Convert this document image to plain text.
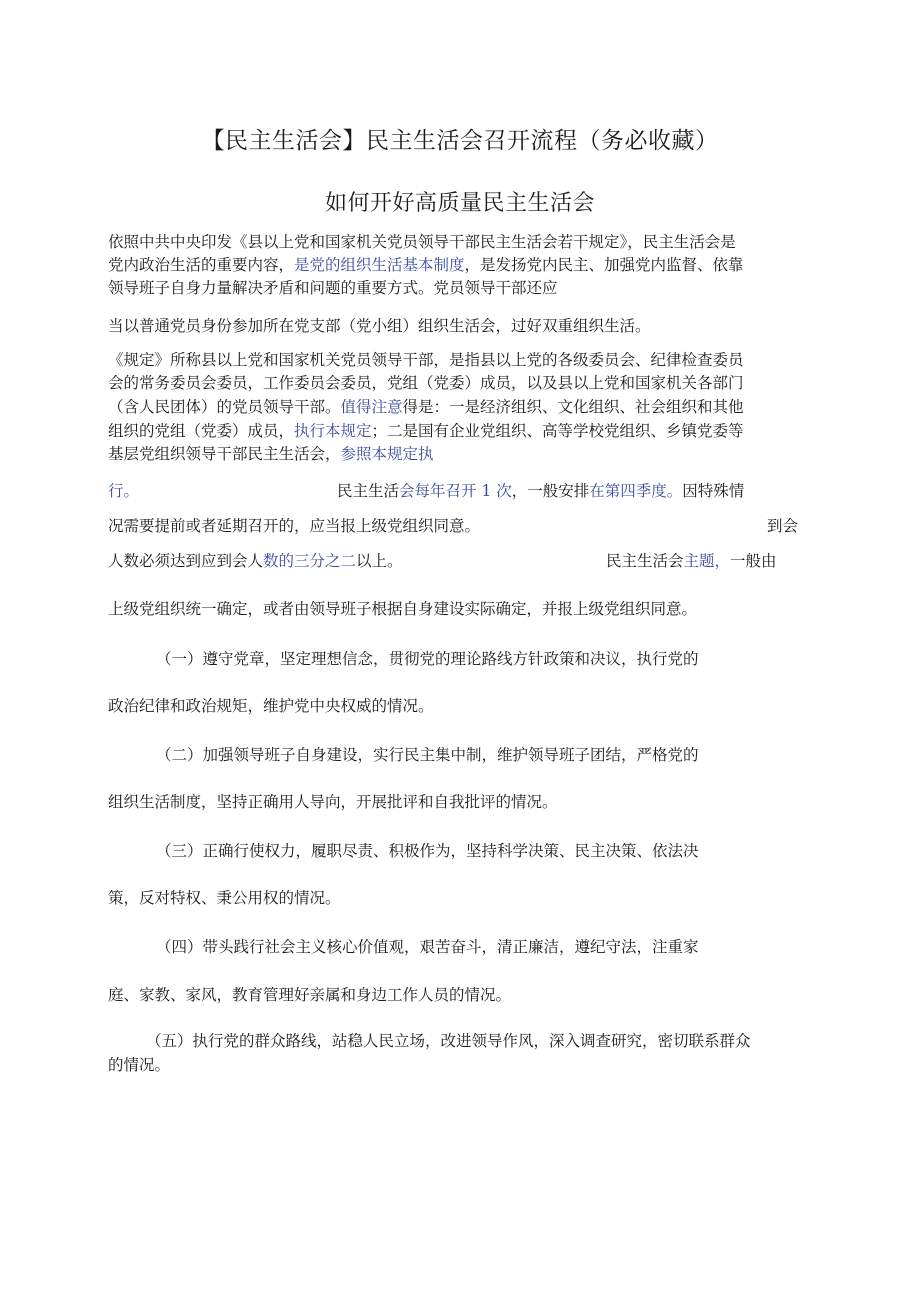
【民主生活会】民主生活会召开流程（务必收藏）
如何开好高质量民主生活会
依照中共中央印发《县以上党和国家机关党员领导干部民主生活会若干规定》，民主生活会是
党内政治生活的重要内容，是党的组织生活基本制度，是发扬党内民主、加强党内监督、依靠
领导班子自身力量解决矛盾和问题的重要方式。党员领导干部还应
当以普通党员身份参加所在党支部（党小组）组织生活会，过好双重组织生活。
《规定》所称县以上党和国家机关党员领导干部，是指县以上党的各级委员会、纪律检查委员
会的常务委员会委员，工作委员会委员，党组（党委）成员，以及县以上党和国家机关各部门
（含人民团体）的党员领导干部。值得注意得是：一是经济组织、文化组织、社会组织和其他
组织的党组（党委）成员，执行本规定；二是国有企业党组织、高等学校党组织、乡镇党委等
基层党组织领导干部民主生活会，参照本规定执
行。	民主生活会每年召开 1 次，一般安排在第四季度。因特殊情
况需要提前或者延期召开的，应当报上级党组织同意。	到会
人数必须达到应到会人数的三分之二以上。	民主生活会主题，一般由
上级党组织统一确定，或者由领导班子根据自身建设实际确定，并报上级党组织同意。
（一）遵守党章，坚定理想信念，贯彻党的理论路线方针政策和决议，执行党的
政治纪律和政治规矩，维护党中央权威的情况。
（二）加强领导班子自身建设，实行民主集中制，维护领导班子团结，严格党的
组织生活制度，坚持正确用人导向，开展批评和自我批评的情况。
（三）正确行使权力，履职尽责、积极作为，坚持科学决策、民主决策、依法决
策，反对特权、秉公用权的情况。
（四）带头践行社会主义核心价值观，艰苦奋斗，清正廉洁，遵纪守法，注重家
庭、家教、家风，教育管理好亲属和身边工作人员的情况。
（五）执行党的群众路线，站稳人民立场，改进领导作风，深入调查研究，密切联系群众
的情况。
